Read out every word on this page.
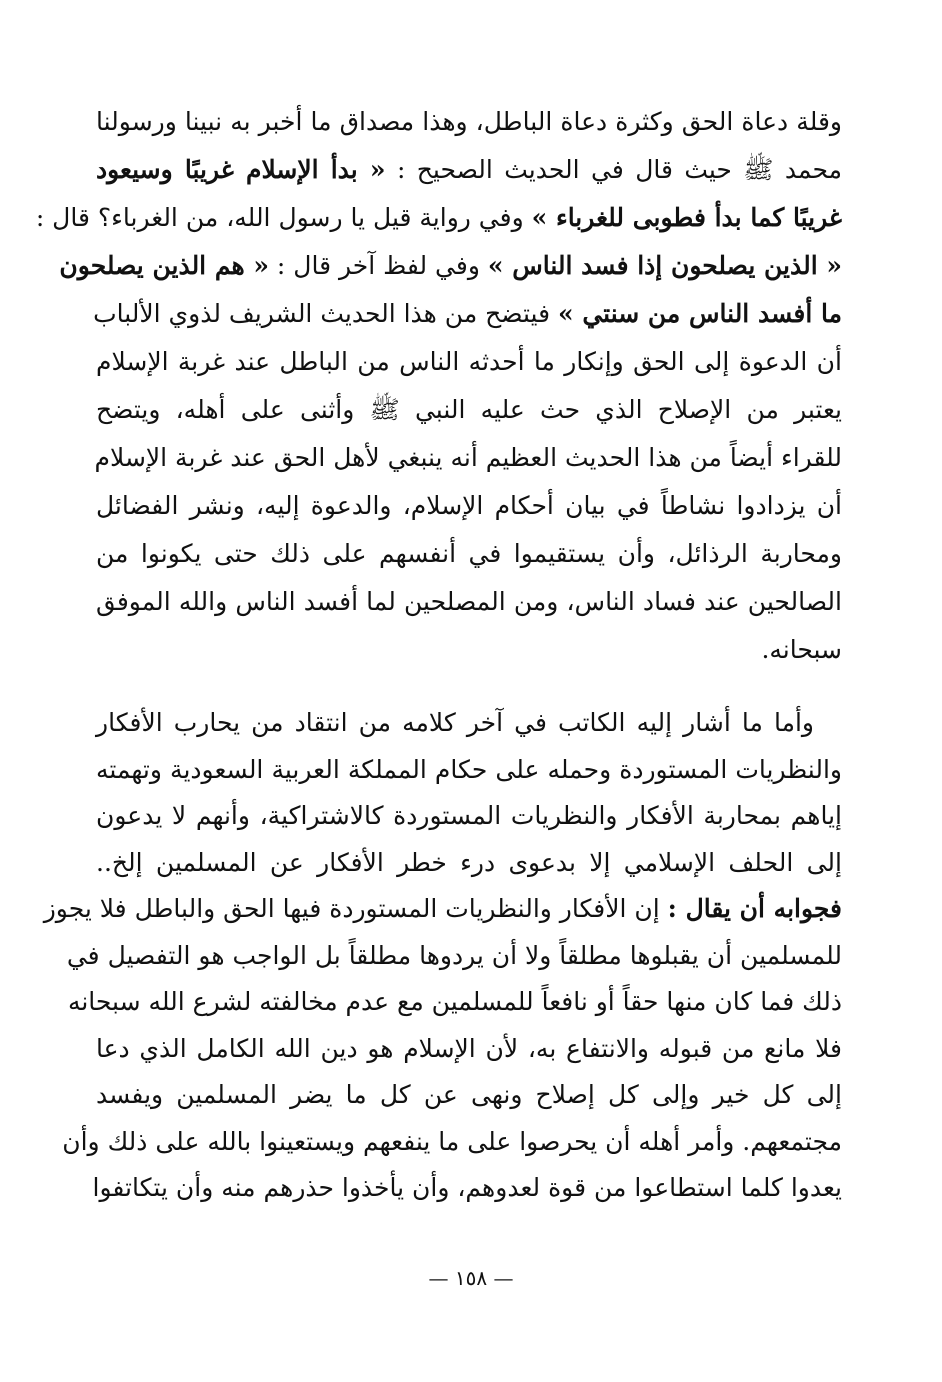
وقلة دعاة الحق وكثرة دعاة الباطل، وهذا مصداق ما أخبر به نبينا ورسولنا
محمد ﷺ حيث قال في الحديث الصحيح : « بدأ الإسلام غريبًا وسيعود
غريبًا كما بدأ فطوبى للغرباء » وفي رواية قيل يا رسول الله، من الغرباء؟ قال :
« الذين يصلحون إذا فسد الناس » وفي لفظ آخر قال : « هم الذين يصلحون
ما أفسد الناس من سنتي » فيتضح من هذا الحديث الشريف لذوي الألباب
أن الدعوة إلى الحق وإنكار ما أحدثه الناس من الباطل عند غربة الإسلام
يعتبر من الإصلاح الذي حث عليه النبي ﷺ وأثنى على أهله، ويتضح
للقراء أيضاً من هذا الحديث العظيم أنه ينبغي لأهل الحق عند غربة الإسلام
أن يزدادوا نشاطاً في بيان أحكام الإسلام، والدعوة إليه، ونشر الفضائل
ومحاربة الرذائل، وأن يستقيموا في أنفسهم على ذلك حتى يكونوا من
الصالحين عند فساد الناس، ومن المصلحين لما أفسد الناس والله الموفق
سبحانه.
وأما ما أشار إليه الكاتب في آخر كلامه من انتقاد من يحارب الأفكار
والنظريات المستوردة وحمله على حكام المملكة العربية السعودية وتهمته
إياهم بمحاربة الأفكار والنظريات المستوردة كالاشتراكية، وأنهم لا يدعون
إلى الحلف الإسلامي إلا بدعوى درء خطر الأفكار عن المسلمين إلخ..
فجوابه أن يقال : إن الأفكار والنظريات المستوردة فيها الحق والباطل فلا يجوز
للمسلمين أن يقبلوها مطلقاً ولا أن يردوها مطلقاً بل الواجب هو التفصيل في
ذلك فما كان منها حقاً أو نافعاً للمسلمين مع عدم مخالفته لشرع الله سبحانه
فلا مانع من قبوله والانتفاع به، لأن الإسلام هو دين الله الكامل الذي دعا
إلى كل خير وإلى كل إصلاح ونهى عن كل ما يضر المسلمين ويفسد
مجتمعهم. وأمر أهله أن يحرصوا على ما ينفعهم ويستعينوا بالله على ذلك وأن
يعدوا كلما استطاعوا من قوة لعدوهم، وأن يأخذوا حذرهم منه وأن يتكاتفوا
— ١٥٨ —
